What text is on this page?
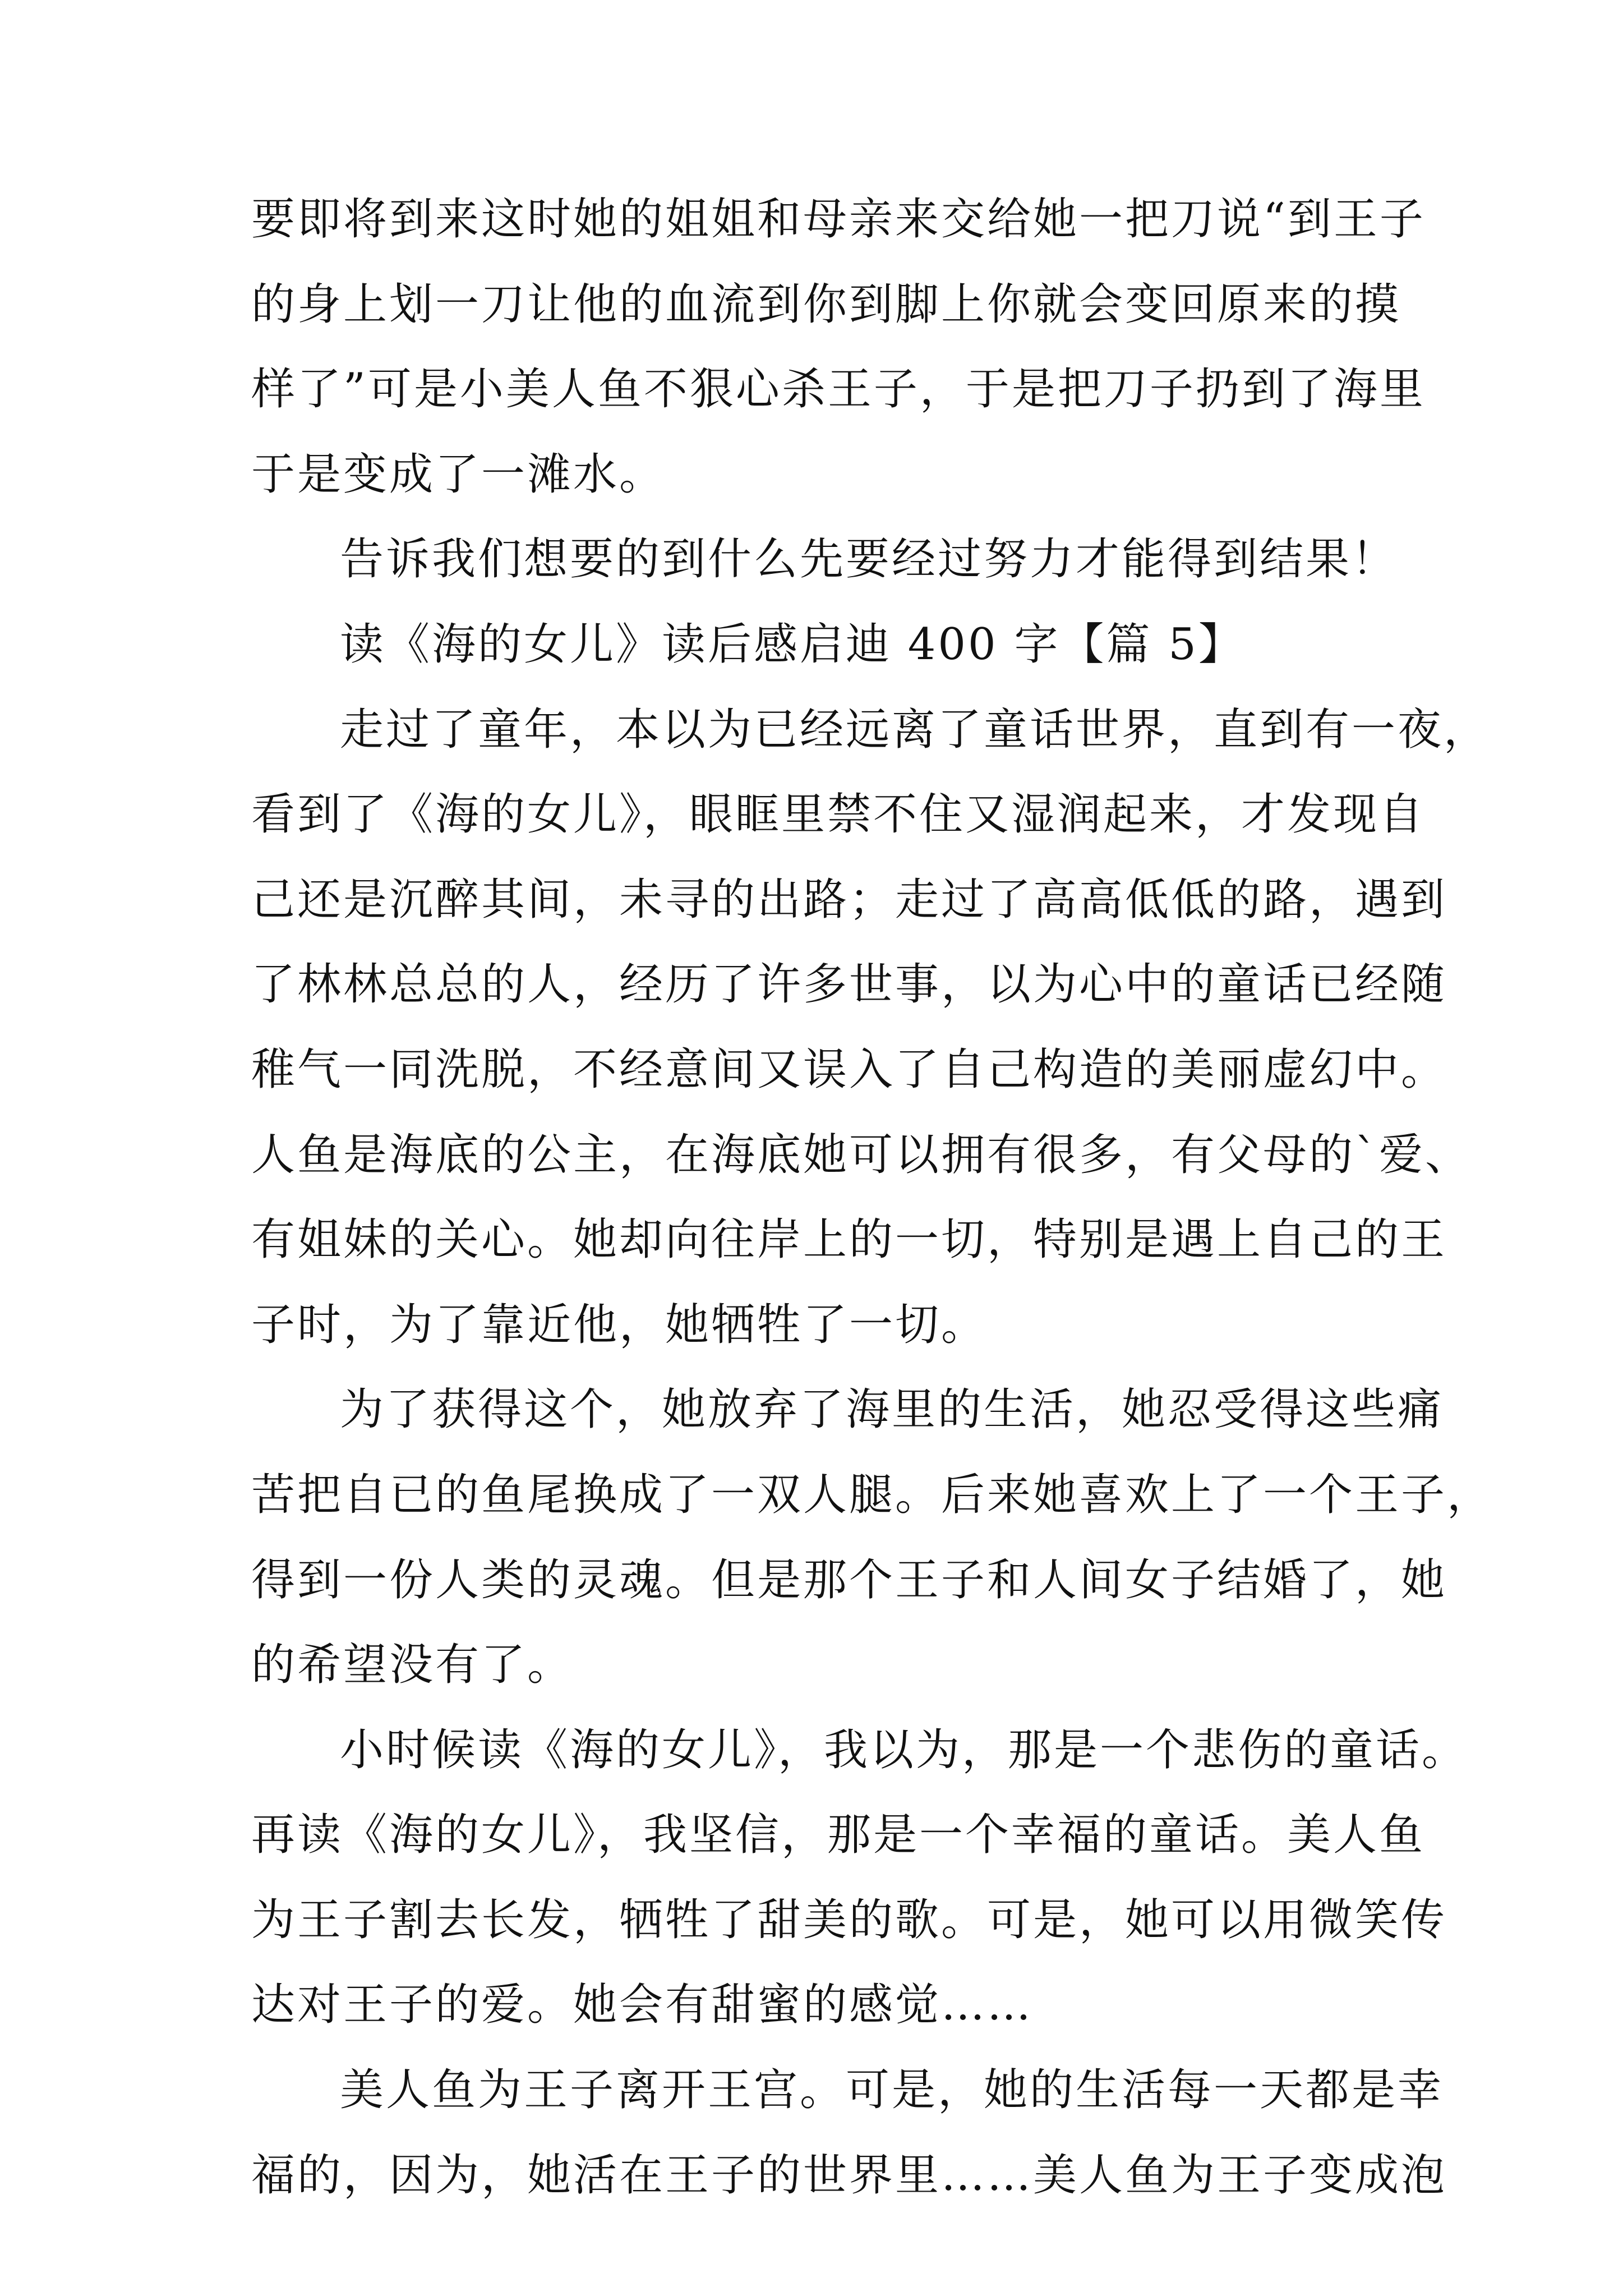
要即将到来这时她的姐姐和母亲来交给她一把刀说“到王子
的身上划一刀让他的血流到你到脚上你就会变回原来的摸
样了”可是小美人鱼不狠心杀王子，于是把刀子扔到了海里
于是变成了一滩水。
告诉我们想要的到什么先要经过努力才能得到结果！
读《海的女儿》读后感启迪 400 字【篇 5】
走过了童年，本以为已经远离了童话世界，直到有一夜，
看到了《海的女儿》，眼眶里禁不住又湿润起来，才发现自
己还是沉醉其间，未寻的出路；走过了高高低低的路，遇到
了林林总总的人，经历了许多世事，以为心中的童话已经随
稚气一同洗脱，不经意间又误入了自己构造的美丽虚幻中。
人鱼是海底的公主，在海底她可以拥有很多，有父母的`爱、
有姐妹的关心。她却向往岸上的一切，特别是遇上自己的王
子时，为了靠近他，她牺牲了一切。
为了获得这个，她放弃了海里的生活，她忍受得这些痛
苦把自已的鱼尾换成了一双人腿。后来她喜欢上了一个王子，
得到一份人类的灵魂。但是那个王子和人间女子结婚了，她
的希望没有了。
小时候读《海的女儿》，我以为，那是一个悲伤的童话。
再读《海的女儿》，我坚信，那是一个幸福的童话。美人鱼
为王子割去长发，牺牲了甜美的歌。可是，她可以用微笑传
达对王子的爱。她会有甜蜜的感觉……
美人鱼为王子离开王宫。可是，她的生活每一天都是幸
福的，因为，她活在王子的世界里……美人鱼为王子变成泡
